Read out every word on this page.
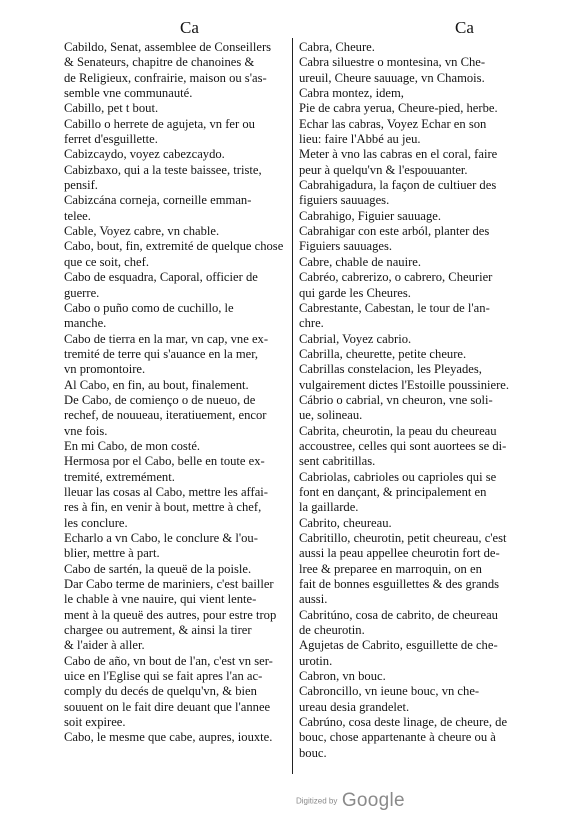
Ca	Ca
Cabildo, Senat, assemblee de Conseillers
& Senateurs, chapitre de chanoines &
de Religieux, confrairie, maison ou s'as-
semble vne communauté.
Cabillo, pet t bout.
Cabillo o herrete de agujeta, vn fer ou
ferret d'esguillette.
Cabizcaydo, voyez cabezcaydo.
Cabizbaxo, qui a la teste baissee, triste,
pensif.
Cabizcána corneja, corneille emman-
telee.
Cable, Voyez cabre, vn chable.
Cabo, bout, fin, extremité de quelque chose
que ce soit, chef.
Cabo de esquadra, Caporal, officier de
guerre.
Cabo o puño como de cuchillo, le
manche.
Cabo de tierra en la mar, vn cap, vne ex-
tremité de terre qui s'auance en la mer,
vn promontoire.
Al Cabo, en fin, au bout, finalement.
De Cabo, de comienço o de nueuo, de
rechef, de nouueau, iteratiuement, encor
vne fois.
En mi Cabo, de mon costé.
Hermosa por el Cabo, belle en toute ex-
tremité, extremément.
lleuar las cosas al Cabo, mettre les affai-
res à fin, en venir à bout, mettre à chef,
les conclure.
Echarlo a vn Cabo, le conclure & l'ou-
blier, mettre à part.
Cabo de sartén, la queuë de la poisle.
Dar Cabo terme de mariniers, c'est bailler
le chable à vne nauire, qui vient lente-
ment à la queuë des autres, pour estre trop
chargee ou autrement, & ainsi la tirer
& l'aider à aller.
Cabo de año, vn bout de l'an, c'est vn ser-
uice en l'Eglise qui se fait apres l'an ac-
comply du decés de quelqu'vn, & bien
souuent on le fait dire deuant que l'annee
soit expiree.
Cabo, le mesme que cabe, aupres, iouxte.
Cabra, Cheure.
Cabra siluestre o montesina, vn Che-
ureuil, Cheure sauuage, vn Chamois.
Cabra montez, idem,
Pie de cabra yerua, Cheure-pied, herbe.
Echar las cabras, Voyez Echar en son
lieu: faire l'Abbé au jeu.
Meter à vno las cabras en el coral, faire
peur à quelqu'vn & l'espouuanter.
Cabrahigadura, la façon de cultiuer des
figuiers sauuages.
Cabrahigo, Figuier sauuage.
Cabrahigar con este arból, planter des
Figuiers sauuages.
Cabre, chable de nauire.
Cabréo, cabrerizo, o cabrero, Cheurier
qui garde les Cheures.
Cabrestante, Cabestan, le tour de l'an-
chre.
Cabrial, Voyez cabrio.
Cabrilla, cheurette, petite cheure.
Cabrillas constelacion, les Pleyades,
vulgairement dictes l'Estoille poussiniere.
Cábrio o cabrial, vn cheuron, vne soli-
ue, solineau.
Cabrita, cheurotin, la peau du cheureau
accoustree, celles qui sont auortees se di-
sent cabritillas.
Cabriolas, cabrioles ou caprioles qui se
font en dançant, & principalement en
la gaillarde.
Cabrito, cheureau.
Cabritillo, cheurotin, petit cheureau, c'est
aussi la peau appellee cheurotin fort de-
lree & preparee en marroquin, on en
fait de bonnes esguillettes & des grands
aussi.
Cabritúno, cosa de cabrito, de cheureau
de cheurotin.
Agujetas de Cabrito, esguillette de che-
urotin.
Cabron, vn bouc.
Cabroncillo, vn ieune bouc, vn che-
ureau desia grandelet.
Cabrúno, cosa deste linage, de cheure, de
bouc, chose appartenante à cheure ou à
bouc.
Digitized by Google
